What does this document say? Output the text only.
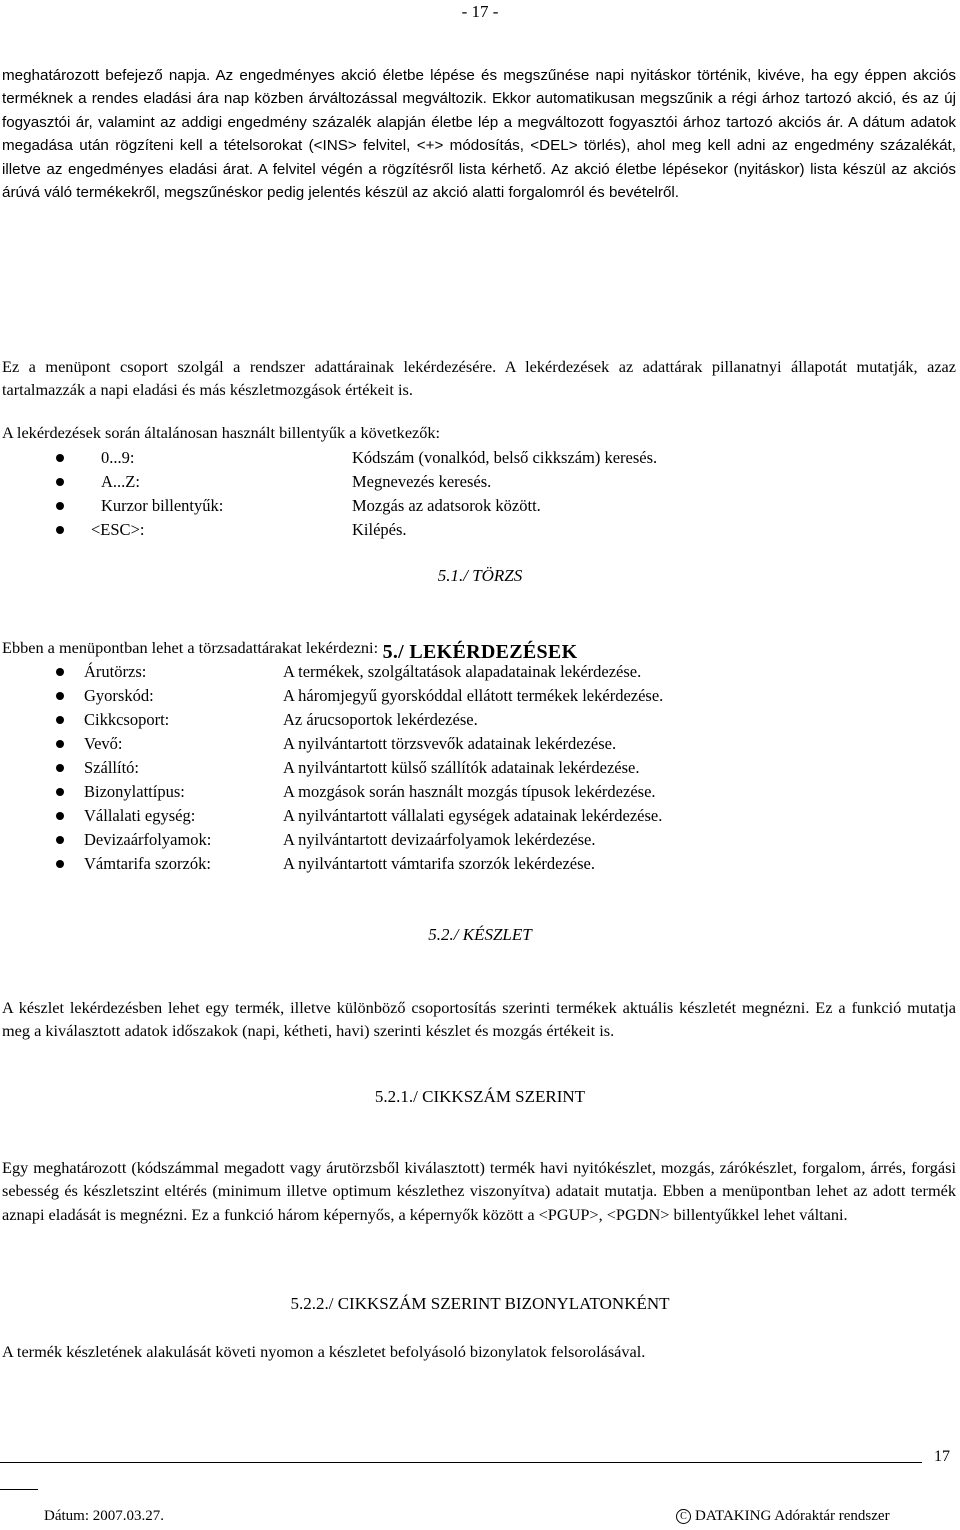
- 17 -
meghatározott befejező napja. Az engedményes akció életbe lépése és megszűnése napi nyitáskor történik, kivéve, ha egy éppen akciós terméknek a rendes eladási ára nap közben árváltozással megváltozik. Ekkor automatikusan megszűnik a régi árhoz tartozó akció, és az új fogyasztói ár, valamint az addigi engedmény százalék alapján életbe lép a megváltozott fogyasztói árhoz tartozó akciós ár. A dátum adatok megadása után rögzíteni kell a tételsorokat (<INS> felvitel, <+> módosítás, <DEL> törlés), ahol meg kell adni az engedmény százalékát, illetve az engedményes eladási árat. A felvitel végén a rögzítésről lista kérhető. Az akció életbe lépésekor (nyitáskor) lista készül az akciós árúvá váló termékekről, megszűnéskor pedig jelentés készül az akció alatti forgalomról és bevételről.
5./ LEKÉRDEZÉSEK
Ez a menüpont csoport szolgál a rendszer adattárainak lekérdezésére. A lekérdezések az adattárak pillanatnyi állapotát mutatják, azaz tartalmazzák a napi eladási és más készletmozgások értékeit is.
A lekérdezések során általánosan használt billentyűk a következők:
0...9:	Kódszám (vonalkód, belső cikkszám) keresés.
A...Z:	Megnevezés keresés.
Kurzor billentyűk:	Mozgás az adatsorok között.
<ESC>:	Kilépés.
5.1./ TÖRZS
Ebben a menüpontban lehet a törzsadattárakat lekérdezni:
Árutörzs:	A termékek, szolgáltatások alapadatainak lekérdezése.
Gyorskód:	A háromjegyű gyorskóddal ellátott termékek lekérdezése.
Cikkcsoport:	Az árucsoportok lekérdezése.
Vevő:	A nyilvántartott törzsvevők adatainak lekérdezése.
Szállító:	A nyilvántartott külső szállítók adatainak lekérdezése.
Bizonylattípus:	A mozgások során használt mozgás típusok lekérdezése.
Vállalati egység:	A nyilvántartott vállalati egységek adatainak lekérdezése.
Devizaárfolyamok:	A nyilvántartott devizaárfolyamok lekérdezése.
Vámtarifa szorzók:	A nyilvántartott vámtarifa szorzók lekérdezése.
5.2./ KÉSZLET
A készlet lekérdezésben lehet egy termék, illetve különböző csoportosítás szerinti termékek aktuális készletét megnézni. Ez a funkció mutatja meg a kiválasztott adatok időszakok (napi, kétheti, havi) szerinti készlet és mozgás értékeit is.
5.2.1./ CIKKSZÁM SZERINT
Egy meghatározott (kódszámmal megadott vagy árutörzsből kiválasztott) termék havi nyitókészlet, mozgás, zárókészlet, forgalom, árrés, forgási sebesség és készletszint eltérés (minimum illetve optimum készlethez viszonyítva) adatait mutatja. Ebben a menüpontban lehet az adott termék aznapi eladását is megnézni. Ez a funkció három képernyős, a képernyők között a <PGUP>, <PGDN> billentyűkkel lehet váltani.
5.2.2./ CIKKSZÁM SZERINT BIZONYLATONKÉNT
A termék készletének alakulását követi nyomon a készletet befolyásoló bizonylatok felsorolásával.
17
Dátum: 2007.03.27.	C DATAKING Adóraktár rendszer
